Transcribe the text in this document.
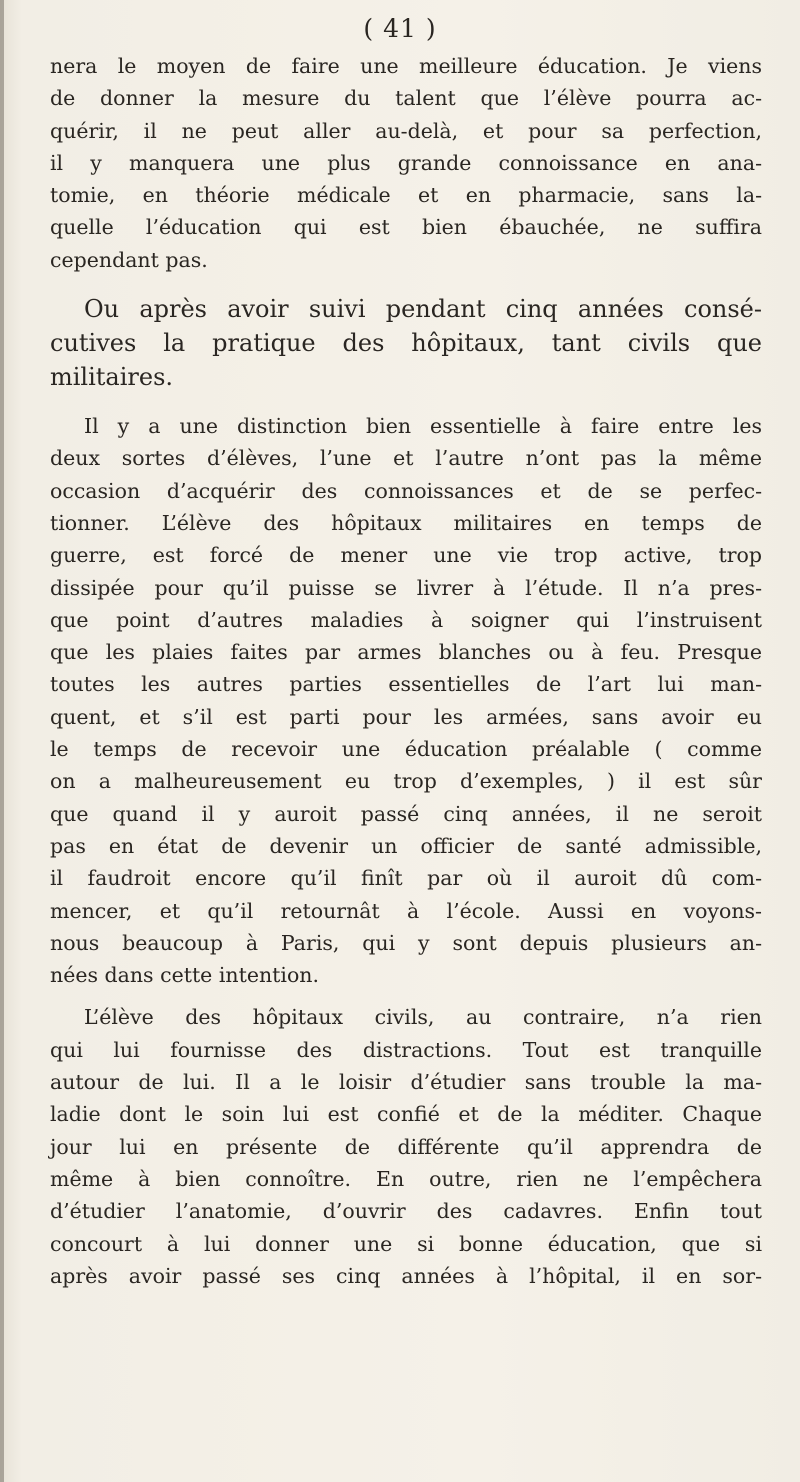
( 41 )
nera le moyen de faire une meilleure éducation. Je viens
de donner la mesure du talent que l’élève pourra ac-
quérir, il ne peut aller au-delà, et pour sa perfection,
il y manquera une plus grande connoissance en ana-
tomie, en théorie médicale et en pharmacie, sans la-
quelle l’éducation qui est bien ébauchée, ne suffira
cependant pas.
Ou après avoir suivi pendant cinq années consé-
cutives la pratique des hôpitaux, tant civils que
militaires.
Il y a une distinction bien essentielle à faire entre les
deux sortes d’élèves, l’une et l’autre n’ont pas la même
occasion d’acquérir des connoissances et de se perfec-
tionner. L’élève des hôpitaux militaires en temps de
guerre, est forcé de mener une vie trop active, trop
dissipée pour qu’il puisse se livrer à l’étude. Il n’a pres-
que point d’autres maladies à soigner qui l’instruisent
que les plaies faites par armes blanches ou à feu. Presque
toutes les autres parties essentielles de l’art lui man-
quent, et s’il est parti pour les armées, sans avoir eu
le temps de recevoir une éducation préalable ( comme
on a malheureusement eu trop d’exemples, ) il est sûr
que quand il y auroit passé cinq années, il ne seroit
pas en état de devenir un officier de santé admissible,
il faudroit encore qu’il finît par où il auroit dû com-
mencer, et qu’il retournât à l’école. Aussi en voyons-
nous beaucoup à Paris, qui y sont depuis plusieurs an-
nées dans cette intention.
L’élève des hôpitaux civils, au contraire, n’a rien
qui lui fournisse des distractions. Tout est tranquille
autour de lui. Il a le loisir d’étudier sans trouble la ma-
ladie dont le soin lui est confié et de la méditer. Chaque
jour lui en présente de différente qu’il apprendra de
même à bien connoître. En outre, rien ne l’empêchera
d’étudier l’anatomie, d’ouvrir des cadavres. Enfin tout
concourt à lui donner une si bonne éducation, que si
après avoir passé ses cinq années à l’hôpital, il en sor-
